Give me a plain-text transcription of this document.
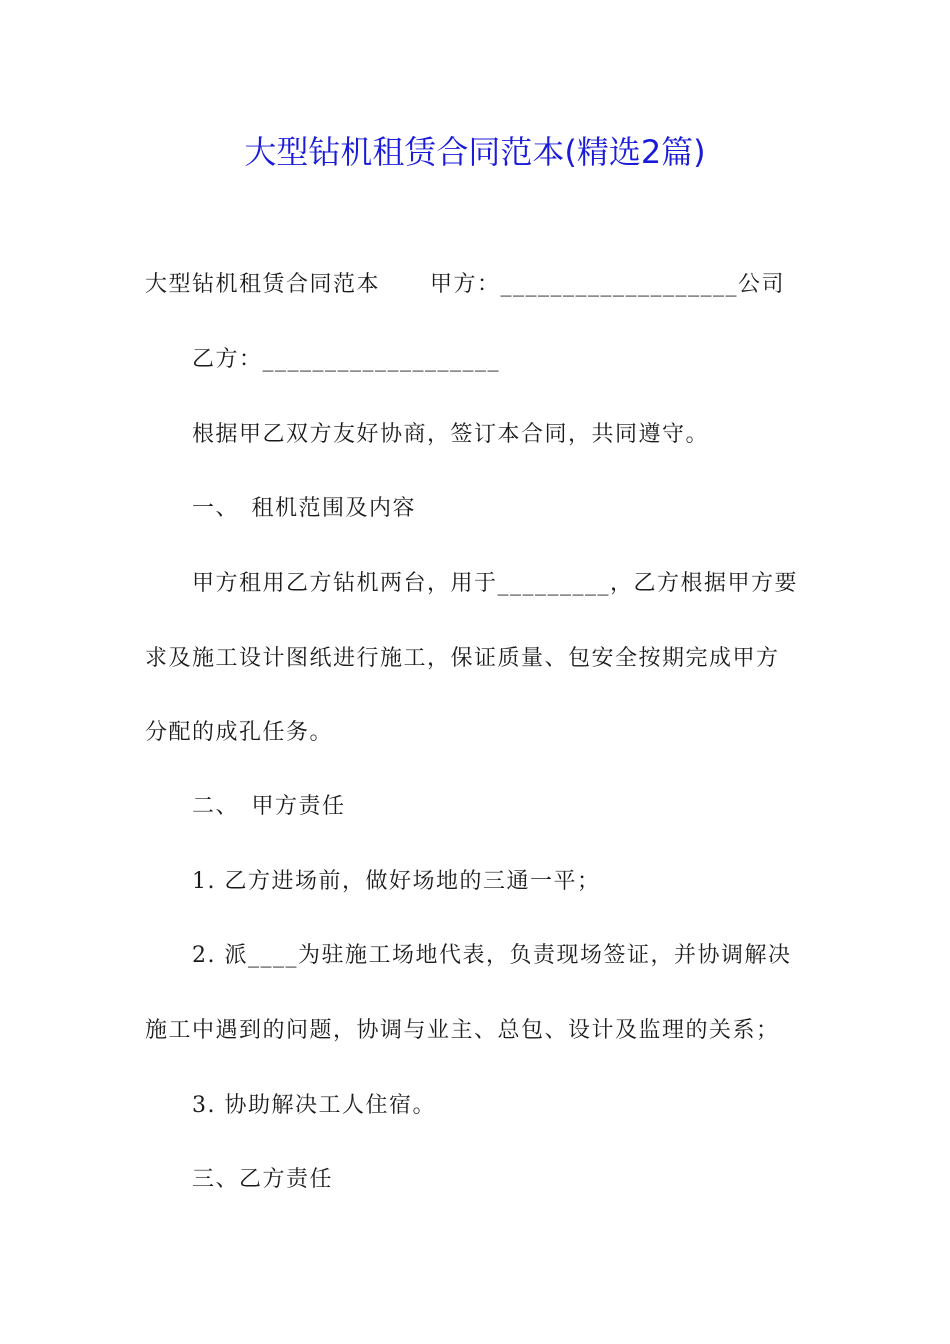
大型钻机租赁合同范本(精选2篇)
大型钻机租赁合同范本 甲方：___________________公司
乙方：___________________
根据甲乙双方友好协商，签订本合同，共同遵守。
一、　租机范围及内容
甲方租用乙方钻机两台，用于_________，乙方根据甲方要
求及施工设计图纸进行施工，保证质量、包安全按期完成甲方
分配的成孔任务。
二、　甲方责任
1. 乙方进场前，做好场地的三通一平；
2. 派____为驻施工场地代表，负责现场签证，并协调解决
施工中遇到的问题，协调与业主、总包、设计及监理的关系；
3. 协助解决工人住宿。
三、乙方责任
